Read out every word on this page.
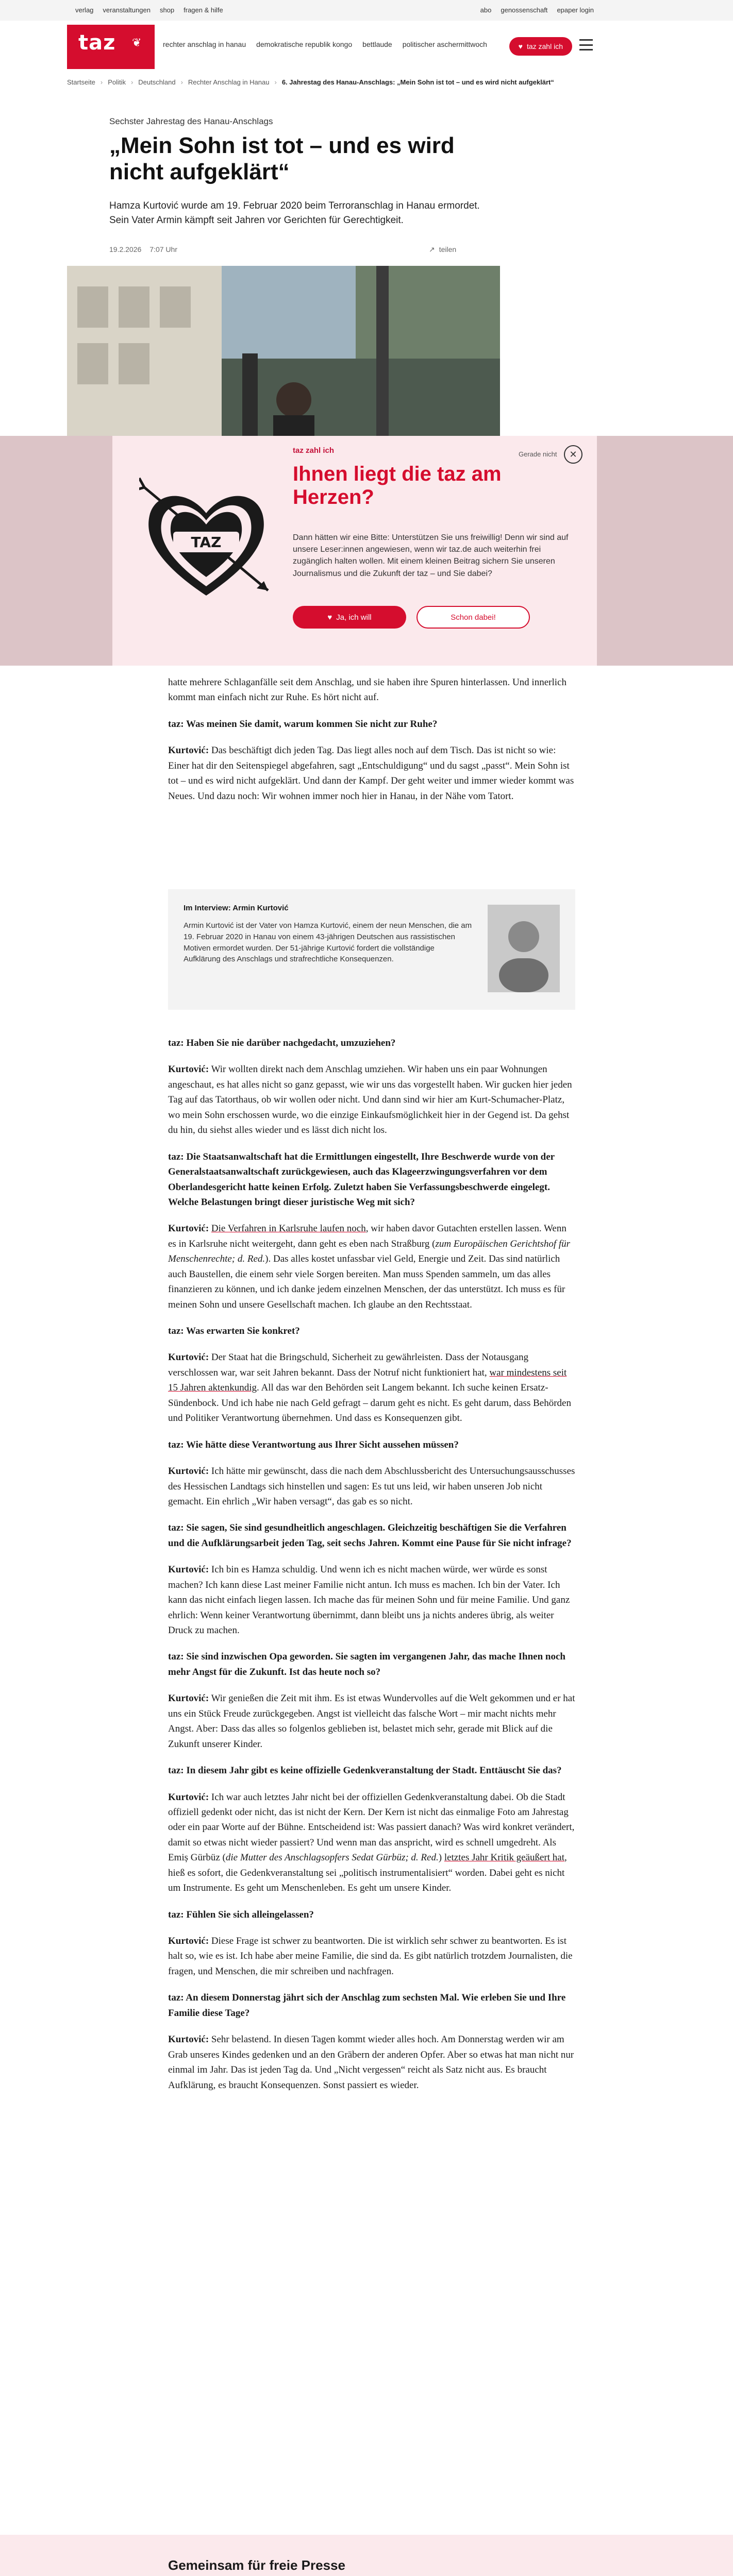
verlag veranstaltungen shop fragen & hilfe	abo genossenschaft epaper login
taz ❦	rechter anschlag in hanau demokratische republik kongo bettlaude politischer aschermittwoch	♥ taz zahl ich
Startseite › Politik › Deutschland › Rechter Anschlag in Hanau › 6. Jahrestag des Hanau-Anschlags: „Mein Sohn ist tot – und es wird nicht aufgeklärt“
Sechster Jahrestag des Hanau-Anschlags
„Mein Sohn ist tot – und es wird nicht aufgeklärt“

Hamza Kurtović wurde am 19. Februar 2020 beim Terroranschlag in Hanau ermordet. Sein Vater Armin kämpft seit Jahren vor Gerichten für Gerechtigkeit.

19.2.2026 7:07 Uhr	↗ teilen
TAZ
taz zahl ich
Ihnen liegt die taz am Herzen?

Dann hätten wir eine Bitte: Unterstützen Sie uns freiwillig! Denn wir sind auf unsere Leser:innen angewiesen, wenn wir taz.de auch weiterhin frei zugänglich halten wollen. Mit einem kleinen Beitrag sichern Sie unseren Journalismus und die Zukunft der taz – und Sie dabei?

♥ Ja, ich will	Schon dabei!
Gerade nicht	✕

hatte mehrere Schlaganfälle seit dem Anschlag, und sie haben ihre Spuren hinterlassen. Und innerlich kommt man einfach nicht zur Ruhe. Es hört nicht auf.

taz: Was meinen Sie damit, warum kommen Sie nicht zur Ruhe?

Kurtović: Das beschäftigt dich jeden Tag. Das liegt alles noch auf dem Tisch. Das ist nicht so wie: Einer hat dir den Seitenspiegel abgefahren, sagt „Entschuldigung“ und du sagst „passt“. Mein Sohn ist tot – und es wird nicht aufgeklärt. Und dann der Kampf. Der geht weiter und immer wieder kommt was Neues. Und dazu noch: Wir wohnen immer noch hier in Hanau, in der Nähe vom Tatort.

Im Interview: Armin Kurtović

Armin Kurtović ist der Vater von Hamza Kurtović, einem der neun Menschen, die am 19. Februar 2020 in Hanau von einem 43-jährigen Deutschen aus rassistischen Motiven ermordet wurden. Der 51-jährige Kurtović fordert die vollständige Aufklärung des Anschlags und strafrechtliche Konsequenzen.

taz: Haben Sie nie darüber nachgedacht, umzuziehen?

Kurtović: Wir wollten direkt nach dem Anschlag umziehen. Wir haben uns ein paar Wohnungen angeschaut, es hat alles nicht so ganz gepasst, wie wir uns das vorgestellt haben. Wir gucken hier jeden Tag auf das Tatorthaus, ob wir wollen oder nicht. Und dann sind wir hier am Kurt-Schumacher-Platz, wo mein Sohn erschossen wurde, wo die einzige Einkaufsmöglichkeit hier in der Gegend ist. Da gehst du hin, du siehst alles wieder und es lässt dich nicht los.

taz: Die Staatsanwaltschaft hat die Ermittlungen eingestellt, Ihre Beschwerde wurde von der Generalstaatsanwaltschaft zurückgewiesen, auch das Klageerzwingungsverfahren vor dem Oberlandesgericht hatte keinen Erfolg. Zuletzt haben Sie Verfassungsbeschwerde eingelegt. Welche Belastungen bringt dieser juristische Weg mit sich?

Kurtović: Die Verfahren in Karlsruhe laufen noch, wir haben davor Gutachten erstellen lassen. Wenn es in Karlsruhe nicht weitergeht, dann geht es eben nach Straßburg (zum Europäischen Gerichtshof für Menschenrechte; d. Red.). Das alles kostet unfassbar viel Geld, Energie und Zeit. Das sind natürlich auch Baustellen, die einem sehr viele Sorgen bereiten. Man muss Spenden sammeln, um das alles finanzieren zu können, und ich danke jedem einzelnen Menschen, der das unterstützt. Ich muss es für meinen Sohn und unsere Gesellschaft machen. Ich glaube an den Rechtsstaat.

taz: Was erwarten Sie konkret?

Kurtović: Der Staat hat die Bringschuld, Sicherheit zu gewährleisten. Dass der Notausgang verschlossen war, war seit Jahren bekannt. Dass der Notruf nicht funktioniert hat, war mindestens seit 15 Jahren aktenkundig. All das war den Behörden seit Langem bekannt. Ich suche keinen Ersatz-Sündenbock. Und ich habe nie nach Geld gefragt – darum geht es nicht. Es geht darum, dass Behörden und Politiker Verantwortung übernehmen. Und dass es Konsequenzen gibt.

taz: Wie hätte diese Verantwortung aus Ihrer Sicht aussehen müssen?

Kurtović: Ich hätte mir gewünscht, dass die nach dem Abschlussbericht des Untersuchungsausschusses des Hessischen Landtags sich hinstellen und sagen: Es tut uns leid, wir haben unseren Job nicht gemacht. Ein ehrlich „Wir haben versagt“, das gab es so nicht.

taz: Sie sagen, Sie sind gesundheitlich angeschlagen. Gleichzeitig beschäftigen Sie die Verfahren und die Aufklärungsarbeit jeden Tag, seit sechs Jahren. Kommt eine Pause für Sie nicht infrage?

Kurtović: Ich bin es Hamza schuldig. Und wenn ich es nicht machen würde, wer würde es sonst machen? Ich kann diese Last meiner Familie nicht antun. Ich muss es machen. Ich bin der Vater. Ich kann das nicht einfach liegen lassen. Ich mache das für meinen Sohn und für meine Familie. Und ganz ehrlich: Wenn keiner Verantwortung übernimmt, dann bleibt uns ja nichts anderes übrig, als weiter Druck zu machen.

taz: Sie sind inzwischen Opa geworden. Sie sagten im vergangenen Jahr, das mache Ihnen noch mehr Angst für die Zukunft. Ist das heute noch so?

Kurtović: Wir genießen die Zeit mit ihm. Es ist etwas Wundervolles auf die Welt gekommen und er hat uns ein Stück Freude zurückgegeben. Angst ist vielleicht das falsche Wort – mir macht nichts mehr Angst. Aber: Dass das alles so folgenlos geblieben ist, belastet mich sehr, gerade mit Blick auf die Zukunft unserer Kinder.

taz: In diesem Jahr gibt es keine offizielle Gedenkveranstaltung der Stadt. Enttäuscht Sie das?

Kurtović: Ich war auch letztes Jahr nicht bei der offiziellen Gedenkveranstaltung dabei. Ob die Stadt offiziell gedenkt oder nicht, das ist nicht der Kern. Der Kern ist nicht das einmalige Foto am Jahrestag oder ein paar Worte auf der Bühne. Entscheidend ist: Was passiert danach? Was wird konkret verändert, damit so etwas nicht wieder passiert? Und wenn man das anspricht, wird es schnell umgedreht. Als Emiș Gürbüz (die Mutter des Anschlagsopfers Sedat Gürbüz; d. Red.) letztes Jahr Kritik geäußert hat, hieß es sofort, die Gedenkveranstaltung sei „politisch instrumentalisiert“ worden. Dabei geht es nicht um Instrumente. Es geht um Menschenleben. Es geht um unsere Kinder.

taz: Fühlen Sie sich alleingelassen?

Kurtović: Diese Frage ist schwer zu beantworten. Die ist wirklich sehr schwer zu beantworten. Es ist halt so, wie es ist. Ich habe aber meine Familie, die sind da. Es gibt natürlich trotzdem Journalisten, die fragen, und Menschen, die mir schreiben und nachfragen.

taz: An diesem Donnerstag jährt sich der Anschlag zum sechsten Mal. Wie erleben Sie und Ihre Familie diese Tage?

Kurtović: Sehr belastend. In diesen Tagen kommt wieder alles hoch. Am Donnerstag werden wir am Grab unseres Kindes gedenken und an den Gräbern der anderen Opfer. Aber so etwas hat man nicht nur einmal im Jahr. Das ist jeden Tag da. Und „Nicht vergessen“ reicht als Satz nicht aus. Es braucht Aufklärung, es braucht Konsequenzen. Sonst passiert es wieder.

Gemeinsam für freie Presse
